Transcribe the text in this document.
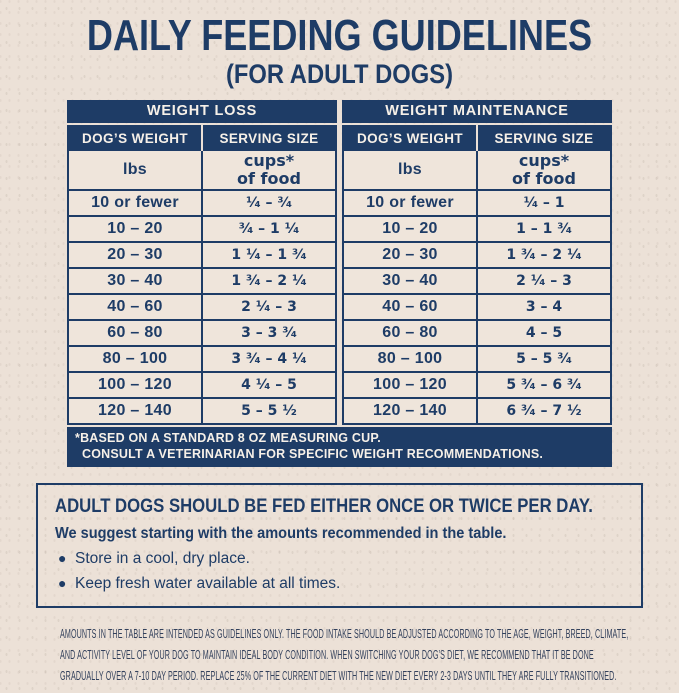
DAILY FEEDING GUIDELINES
(FOR ADULT DOGS)
WEIGHT LOSS
DOG’S WEIGHT	SERVING SIZE
lbs	cups*
of food

10 or fewer	¹⁄₄ – ³⁄₄
10 – 20	³⁄₄ – 1 ¹⁄₄
20 – 30	1 ¹⁄₄ – 1 ³⁄₄
30 – 40	1 ³⁄₄ – 2 ¹⁄₄
40 – 60	2 ¹⁄₄ – 3
60 – 80	3 – 3 ³⁄₄
80 – 100	3 ³⁄₄ – 4 ¹⁄₄
100 – 120	4 ¹⁄₄ – 5
120 – 140	5 – 5 ¹⁄₂
WEIGHT MAINTENANCE
DOG’S WEIGHT	SERVING SIZE
lbs	cups*
of food

10 or fewer	¹⁄₄ – 1
10 – 20	1 – 1 ³⁄₄
20 – 30	1 ³⁄₄ – 2 ¹⁄₄
30 – 40	2 ¹⁄₄ – 3
40 – 60	3 – 4
60 – 80	4 – 5
80 – 100	5 – 5 ³⁄₄
100 – 120	5 ³⁄₄ – 6 ³⁄₄
120 – 140	6 ³⁄₄ – 7 ¹⁄₂
*BASED ON A STANDARD 8 OZ MEASURING CUP.
CONSULT A VETERINARIAN FOR SPECIFIC WEIGHT RECOMMENDATIONS.
ADULT DOGS SHOULD BE FED EITHER ONCE OR TWICE PER DAY.
We suggest starting with the amounts recommended in the table.
● Store in a cool, dry place.
● Keep fresh water available at all times.
AMOUNTS IN THE TABLE ARE INTENDED AS GUIDELINES ONLY. THE FOOD INTAKE SHOULD BE ADJUSTED ACCORDING TO THE AGE, WEIGHT, BREED, CLIMATE,
AND ACTIVITY LEVEL OF YOUR DOG TO MAINTAIN IDEAL BODY CONDITION. WHEN SWITCHING YOUR DOG’S DIET, WE RECOMMEND THAT IT BE DONE
GRADUALLY OVER A 7-10 DAY PERIOD. REPLACE 25% OF THE CURRENT DIET WITH THE NEW DIET EVERY 2-3 DAYS UNTIL THEY ARE FULLY TRANSITIONED.
